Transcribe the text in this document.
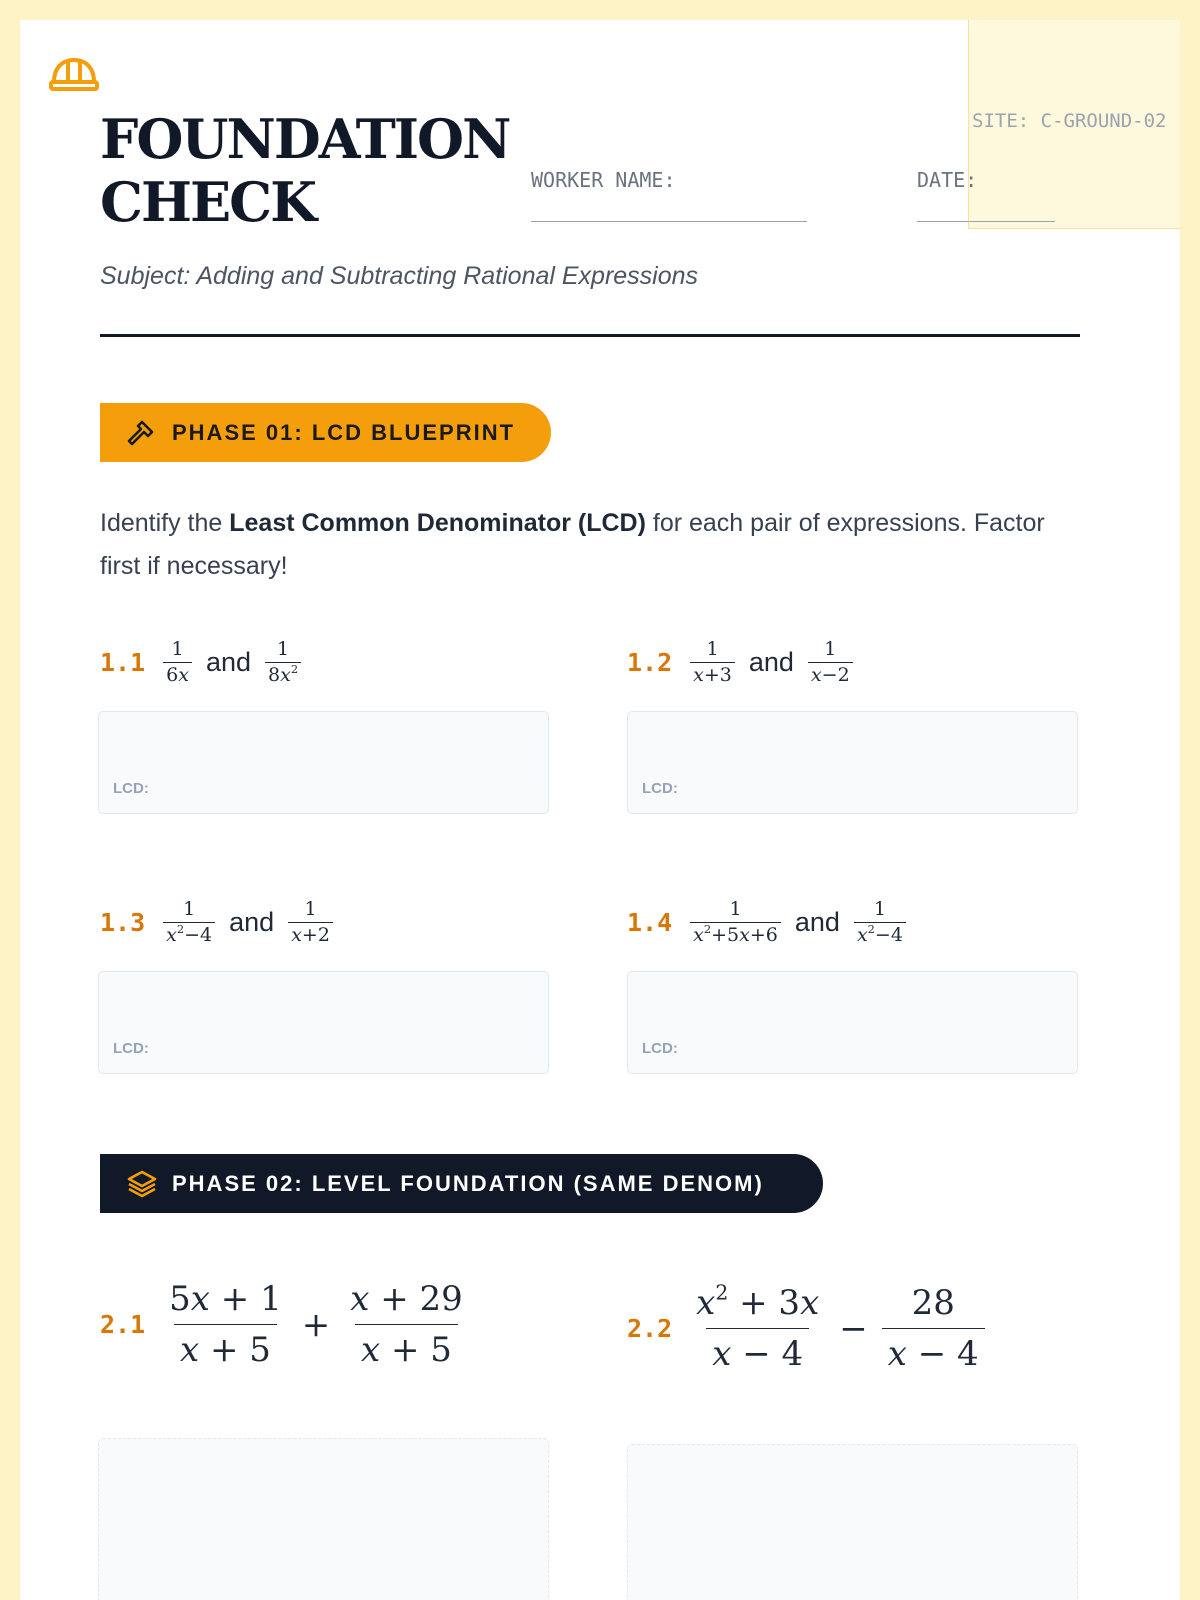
SITE: C-GROUND-02
FOUNDATION
CHECK	WORKER NAME:	DATE:
Subject: Adding and Subtracting Rational Expressions
PHASE 01: LCD BLUEPRINT
Identify the Least Common Denominator (LCD) for each pair of expressions. Factor first if necessary!
$1.1 \frac{1}{6x}$ and $\frac{1}{8x^2}$
LCD:
$1.2 \frac{1}{x+3}$ and $\frac{1}{x-2}$
LCD:
$1.3 \frac{1}{x^2-4}$ and $\frac{1}{x+2}$
LCD:
$1.4 \frac{1}{x^2+5x+6}$ and $\frac{1}{x^2-4}$
LCD:
PHASE 02: LEVEL FOUNDATION (SAME DENOM)
$2.1 \frac{5x + 1}{x + 5} + \frac{x + 29}{x + 5}$	$2.2 \frac{x^2 + 3x}{x - 4} - \frac{28}{x - 4}$
